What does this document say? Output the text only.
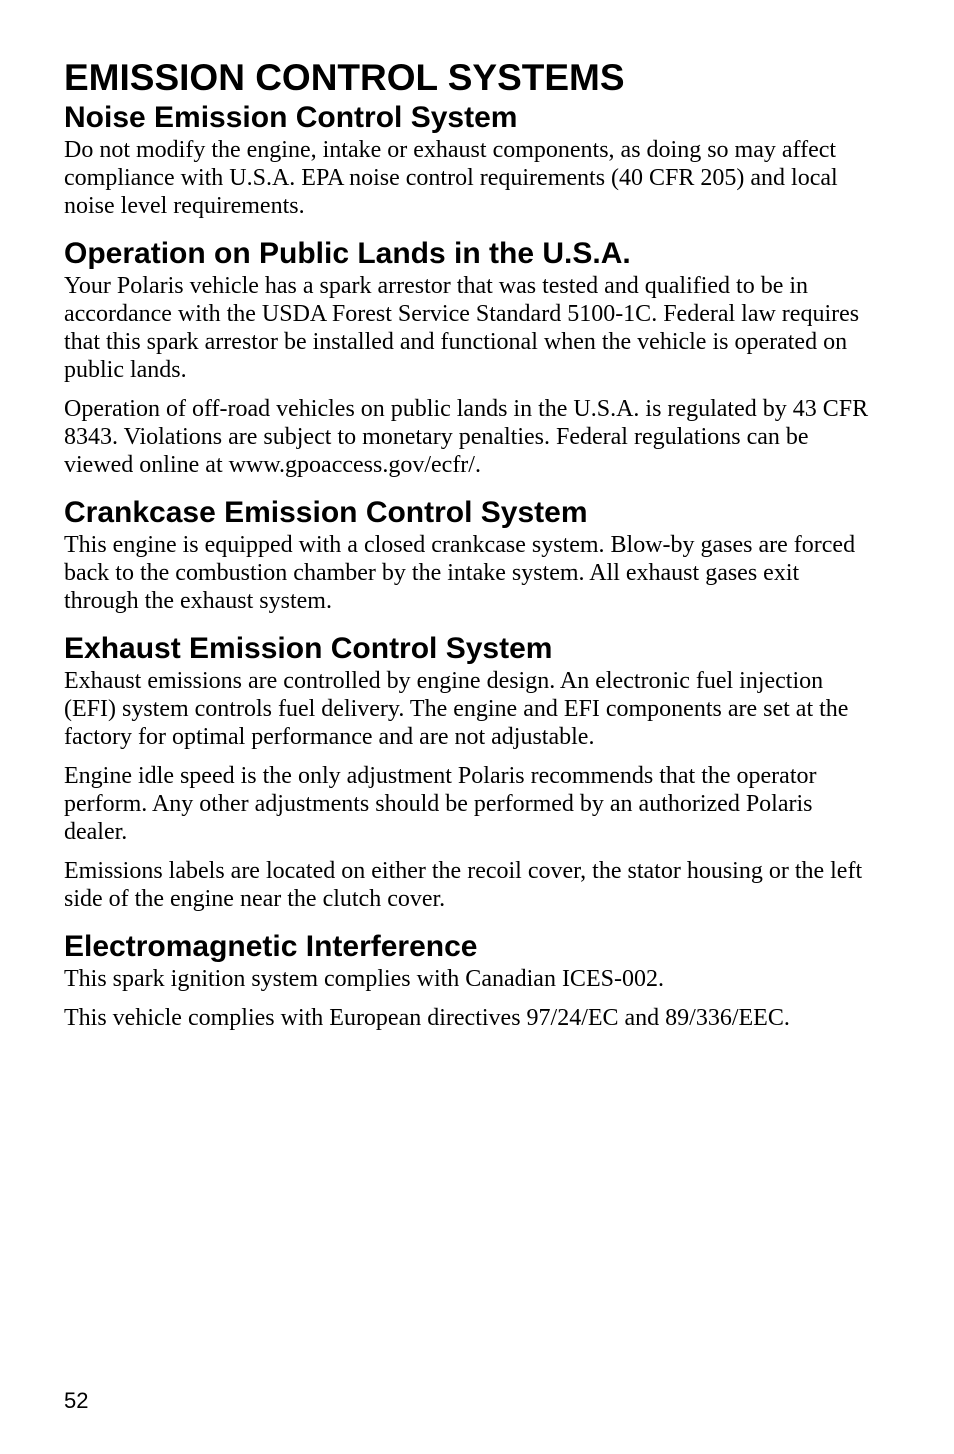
EMISSION CONTROL SYSTEMS
Noise Emission Control System

Do not modify the engine, intake or exhaust components, as doing so may affect compliance with U.S.A. EPA noise control requirements (40 CFR 205) and local noise level requirements.

Operation on Public Lands in the U.S.A.

Your Polaris vehicle has a spark arrestor that was tested and qualified to be in accordance with the USDA Forest Service Standard 5100-1C. Federal law requires that this spark arrestor be installed and functional when the vehicle is operated on public lands.

Operation of off-road vehicles on public lands in the U.S.A. is regulated by 43 CFR 8343. Violations are subject to monetary penalties. Federal regulations can be viewed online at www.gpoaccess.gov/ecfr/.

Crankcase Emission Control System

This engine is equipped with a closed crankcase system. Blow-by gases are forced back to the combustion chamber by the intake system. All exhaust gases exit through the exhaust system.

Exhaust Emission Control System

Exhaust emissions are controlled by engine design. An electronic fuel injection (EFI) system controls fuel delivery. The engine and EFI components are set at the factory for optimal performance and are not adjustable.

Engine idle speed is the only adjustment Polaris recommends that the operator perform. Any other adjustments should be performed by an authorized Polaris dealer.

Emissions labels are located on either the recoil cover, the stator housing or the left side of the engine near the clutch cover.

Electromagnetic Interference

This spark ignition system complies with Canadian ICES-002.

This vehicle complies with European directives 97/24/EC and 89/336/EEC.

52
